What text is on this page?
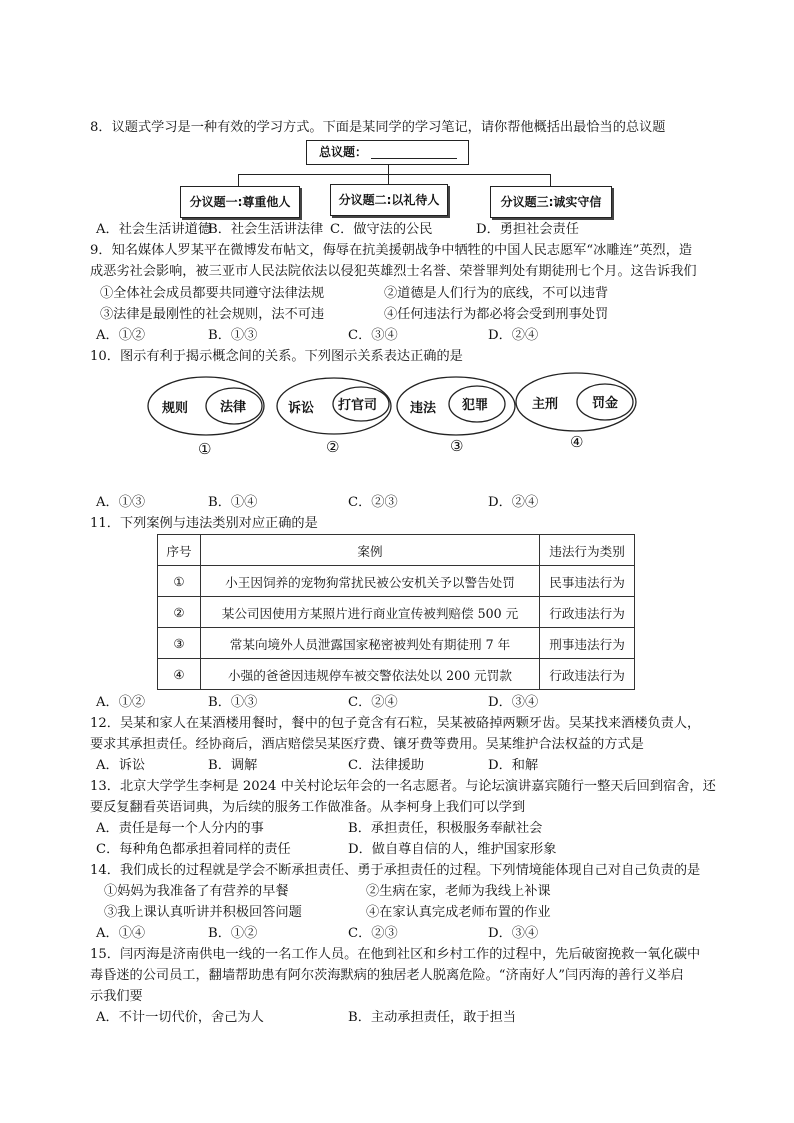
8．议题式学习是一种有效的学习方式。下面是某同学的学习笔记，请你帮他概括出最恰当的总议题
总议题：
分议题一:尊重他人	分议题二:以礼待人	分议题三:诚实守信
A．社会生活讲道德
B．社会生活讲法律 C．做守法的公民	D．勇担社会责任
9．知名媒体人罗某平在微博发布帖文，侮辱在抗美援朝战争中牺牲的中国人民志愿军“冰雕连”英烈，造
成恶劣社会影响，被三亚市人民法院依法以侵犯英雄烈士名誉、荣誉罪判处有期徒刑七个月。这告诉我们
①全体社会成员都要共同遵守法律法规	②道德是人们行为的底线，不可以违背
③法律是最刚性的社会规则，法不可违	④任何违法行为都必将会受到刑事处罚
A．①②	B．①③	C．③④	D．②④
10．图示有利于揭示概念间的关系。下列图示关系表达正确的是
规则 法律
①
诉讼 打官司
②
违法 犯罪
③
主刑	罚金
④
A．①③	B．①④	C．②③	D．②④
11．下列案例与违法类别对应正确的是
序号	案例	违法行为类别
①	小王因饲养的宠物狗常扰民被公安机关予以警告处罚	民事违法行为
②	某公司因使用方某照片进行商业宣传被判赔偿 500 元	行政违法行为
③	常某向境外人员泄露国家秘密被判处有期徒刑 7 年	刑事违法行为
④	小强的爸爸因违规停车被交警依法处以 200 元罚款	行政违法行为
A．①②	B．①③	C．②④	D．③④
12．吴某和家人在某酒楼用餐时，餐中的包子竟含有石粒，吴某被硌掉两颗牙齿。吴某找来酒楼负责人，
要求其承担责任。经协商后，酒店赔偿吴某医疗费、镶牙费等费用。吴某维护合法权益的方式是
A．诉讼	B．调解	C．法律援助	D．和解
13．北京大学学生李柯是 2024 中关村论坛年会的一名志愿者。与论坛演讲嘉宾随行一整天后回到宿舍，还
要反复翻看英语词典，为后续的服务工作做准备。从李柯身上我们可以学到
A．责任是每一个人分内的事	B．承担责任，积极服务奉献社会
C．每种角色都承担着同样的责任	D．做自尊自信的人，维护国家形象
14．我们成长的过程就是学会不断承担责任、勇于承担责任的过程。下列情境能体现自己对自己负责的是
①妈妈为我准备了有营养的早餐	②生病在家，老师为我线上补课
③我上课认真听讲并积极回答问题	④在家认真完成老师布置的作业
A．①④	B．①②	C．②③	D．③④
15．闫丙海是济南供电一线的一名工作人员。在他到社区和乡村工作的过程中，先后破窗挽救一氧化碳中
毒昏迷的公司员工，翻墙帮助患有阿尔茨海默病的独居老人脱离危险。“济南好人”闫丙海的善行义举启
示我们要
A．不计一切代价，舍己为人	B．主动承担责任，敢于担当
